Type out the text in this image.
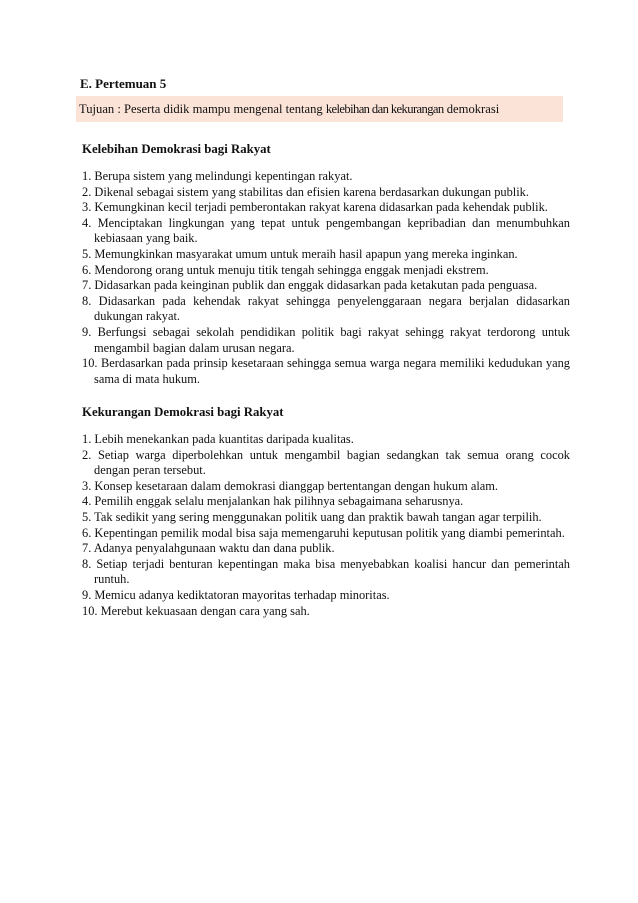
E. Pertemuan 5
Tujuan : Peserta didik mampu mengenal tentang kelebihan dan kekurangan demokrasi

Kelebihan Demokrasi bagi Rakyat

1. Berupa sistem yang melindungi kepentingan rakyat.
2. Dikenal sebagai sistem yang stabilitas dan efisien karena berdasarkan dukungan publik.
3. Kemungkinan kecil terjadi pemberontakan rakyat karena didasarkan pada kehendak publik.
4. Menciptakan lingkungan yang tepat untuk pengembangan kepribadian dan menumbuhkan kebiasaan yang baik.
5. Memungkinkan masyarakat umum untuk meraih hasil apapun yang mereka inginkan.
6. Mendorong orang untuk menuju titik tengah sehingga enggak menjadi ekstrem.
7. Didasarkan pada keinginan publik dan enggak didasarkan pada ketakutan pada penguasa.
8. Didasarkan pada kehendak rakyat sehingga penyelenggaraan negara berjalan didasarkan dukungan rakyat.
9. Berfungsi sebagai sekolah pendidikan politik bagi rakyat sehingg rakyat terdorong untuk mengambil bagian dalam urusan negara.
10. Berdasarkan pada prinsip kesetaraan sehingga semua warga negara memiliki kedudukan yang sama di mata hukum.

Kekurangan Demokrasi bagi Rakyat

1. Lebih menekankan pada kuantitas daripada kualitas.
2. Setiap warga diperbolehkan untuk mengambil bagian sedangkan tak semua orang cocok dengan peran tersebut.
3. Konsep kesetaraan dalam demokrasi dianggap bertentangan dengan hukum alam.
4. Pemilih enggak selalu menjalankan hak pilihnya sebagaimana seharusnya.
5. Tak sedikit yang sering menggunakan politik uang dan praktik bawah tangan agar terpilih.
6. Kepentingan pemilik modal bisa saja memengaruhi keputusan politik yang diambi pemerintah.
7. Adanya penyalahgunaan waktu dan dana publik.
8. Setiap terjadi benturan kepentingan maka bisa menyebabkan koalisi hancur dan pemerintah runtuh.
9. Memicu adanya kediktatoran mayoritas terhadap minoritas.
10. Merebut kekuasaan dengan cara yang sah.
